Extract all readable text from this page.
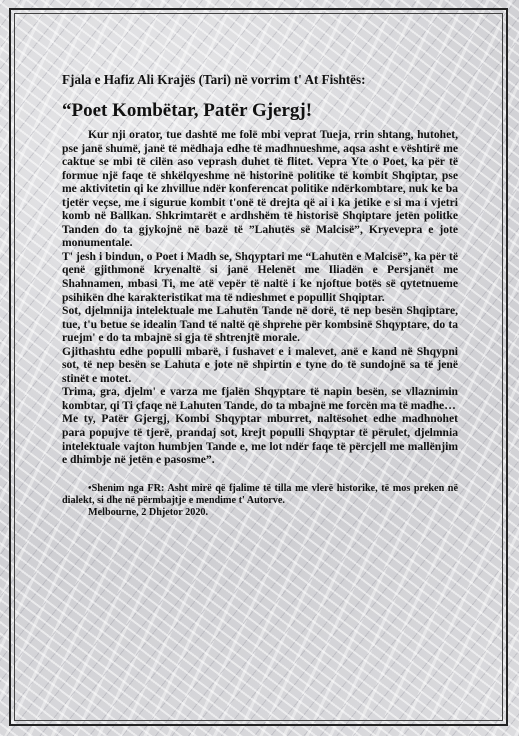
Fjala e Hafiz Ali Krajës (Tari) në vorrim t' At Fishtës:
“Poet Kombëtar, Patër Gjergj!

Kur nji orator, tue dashtë me folë mbi veprat Tueja, rrin shtang, hutohet, pse janë shumë, janë të mëdhaja edhe të madhnueshme, aqsa asht e vështirë me caktue se mbi të cilën aso veprash duhet të flitet. Vepra Yte o Poet, ka për të formue një faqe të shkëlqyeshme në historinë politike të kombit Shqiptar, pse me aktivitetin qi ke zhvillue ndër konferencat politike ndërkombtare, nuk ke ba tjetër veçse, me i sigurue kombit t'onë të drejta që ai i ka jetike e si ma i vjetri komb në Ballkan. Shkrimtarët e ardhshëm të historisë Shqiptare jetën politke Tanden do ta gjykojnë në bazë të ”Lahutës së Malcisë”, Kryevepra e jote monumentale.

T' jesh i bindun, o Poet i Madh se, Shqyptari me “Lahutën e Malcisë”, ka për të qenë gjithmonë kryenaltë si janë Helenët me Iliadën e Persjanët me Shahnamen, mbasi Ti, me atë vepër të naltë i ke njoftue botës së qytetnueme psihikën dhe karakteristikat ma të ndieshmet e popullit Shqiptar.

Sot, djelmnija intelektuale me Lahutën Tande në dorë, të nep besën Shqiptare, tue, t'u betue se idealin Tand të naltë që shprehe për kombsinë Shqyptare, do ta ruejm' e do ta mbajnë si gja të shtrenjtë morale.

Gjithashtu edhe populli mbarë, i fushavet e i malevet, anë e kand në Shqypni sot, të nep besën se Lahuta e jote në shpirtin e tyne do të sundojnë sa të jenë stinët e motet.

Trima, gra, djelm' e varza me fjalën Shqyptare të napin besën, se vllaznimin kombtar, qi Ti çfaqe në Lahuten Tande, do ta mbajnë me forcën ma të madhe…

Me ty, Patër Gjergj, Kombi Shqyptar mburret, naltësohet edhe madhnohet para popujve të tjerë, prandaj sot, krejt populli Shqyptar të përulet, djelmnia intelektuale vajton humbjen Tande e, me lot ndër faqe të përcjell me mallënjim e dhimbje në jetën e pasosme”.

•Shenim nga FR: Asht mirë që fjalime të tilla me vlerë historike, të mos preken në dialekt, si dhe në përmbajtje e mendime t' Autorve.

Melbourne, 2 Dhjetor 2020.
